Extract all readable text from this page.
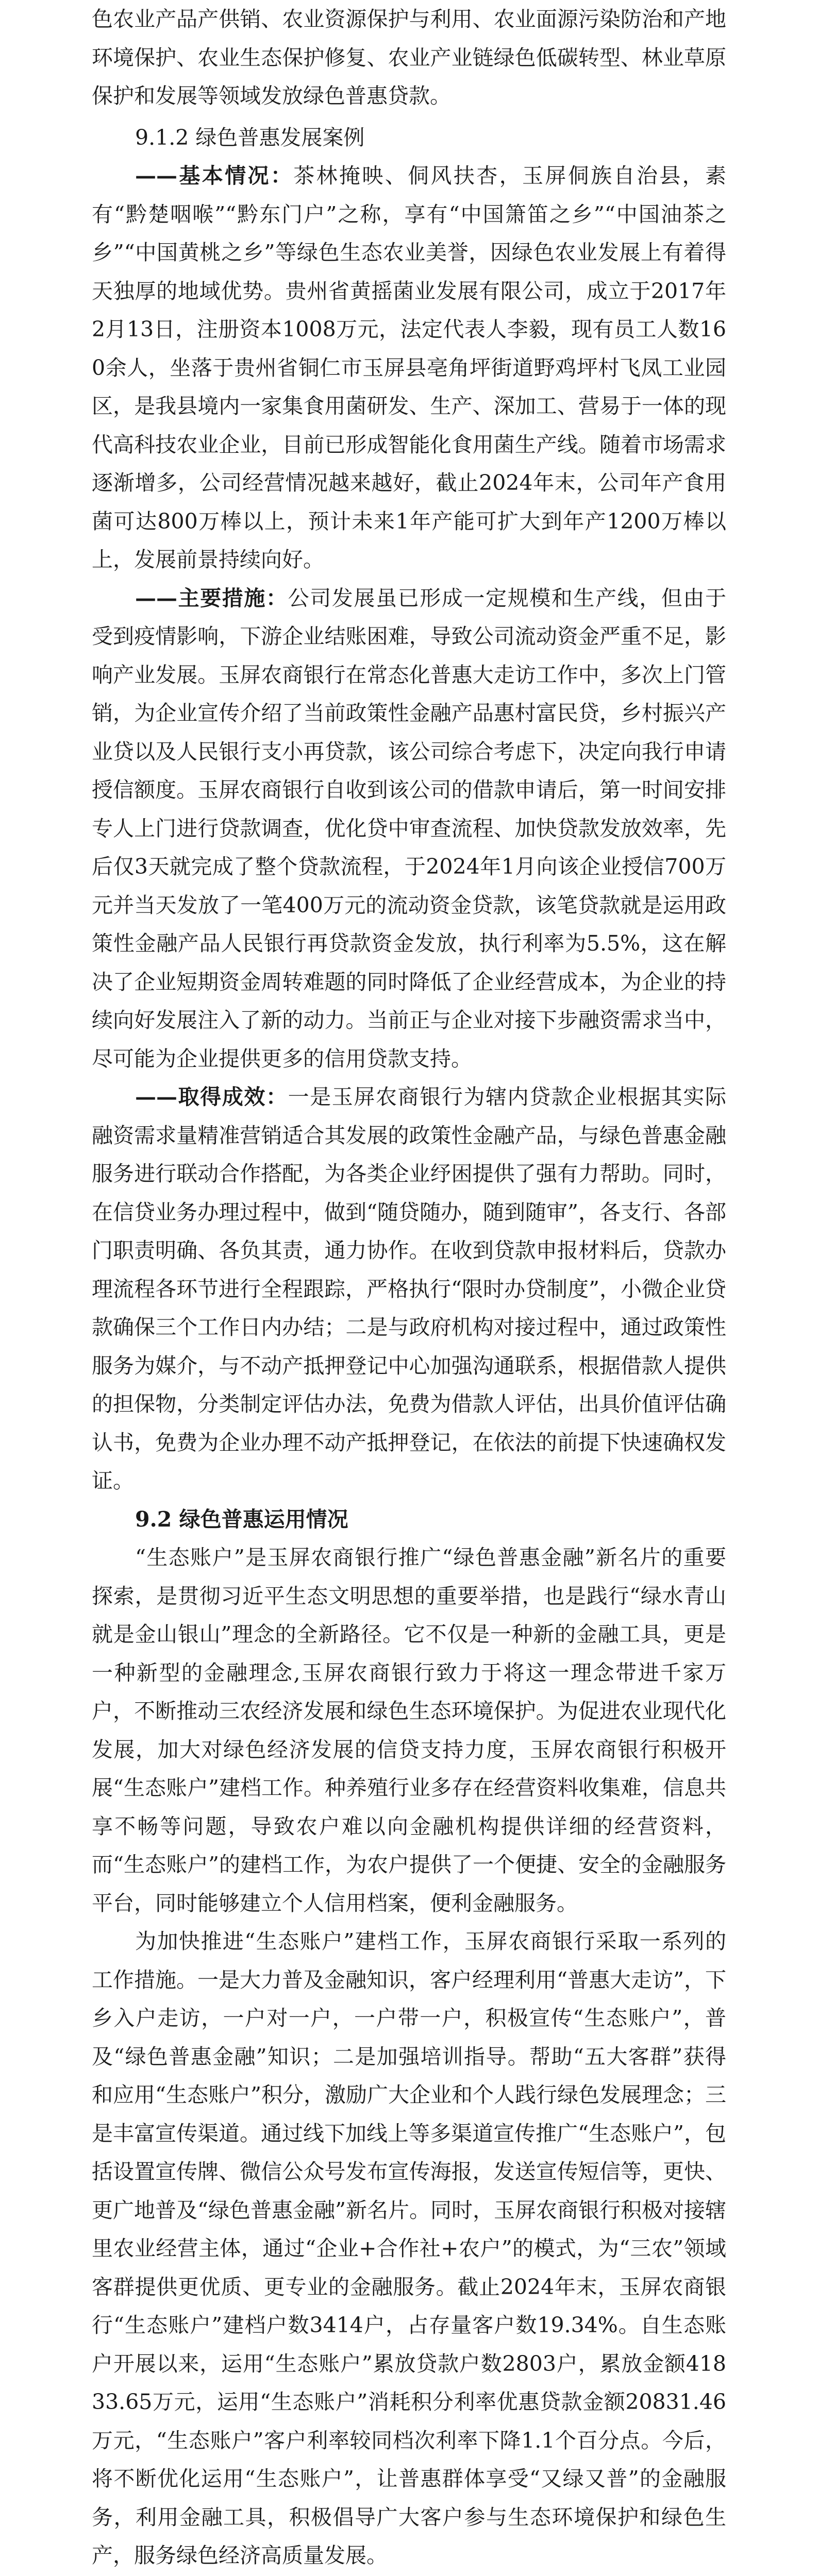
色农业产品产供销、农业资源保护与利用、农业面源污染防治和产地环境保护、农业生态保护修复、农业产业链绿色低碳转型、林业草原保护和发展等领域发放绿色普惠贷款。

9.1.2 绿色普惠发展案例

——基本情况：茶林掩映、侗风扶杏，玉屏侗族自治县，素有“黔楚咽喉”“黔东门户”之称，享有“中国箫笛之乡”“中国油茶之乡”“中国黄桃之乡”等绿色生态农业美誉，因绿色农业发展上有着得天独厚的地域优势。贵州省黄摇菌业发展有限公司，成立于2017年2月13日，注册资本1008万元，法定代表人李毅，现有员工人数160余人，坐落于贵州省铜仁市玉屏县亳角坪街道野鸡坪村飞凤工业园区，是我县境内一家集食用菌研发、生产、深加工、营易于一体的现代高科技农业企业，目前已形成智能化食用菌生产线。随着市场需求逐渐增多，公司经营情况越来越好，截止2024年末，公司年产食用菌可达800万棒以上，预计未来1年产能可扩大到年产1200万棒以上，发展前景持续向好。

——主要措施：公司发展虽已形成一定规模和生产线，但由于受到疫情影响，下游企业结账困难，导致公司流动资金严重不足，影响产业发展。玉屏农商银行在常态化普惠大走访工作中，多次上门管销，为企业宣传介绍了当前政策性金融产品惠村富民贷，乡村振兴产业贷以及人民银行支小再贷款，该公司综合考虑下，决定向我行申请授信额度。玉屏农商银行自收到该公司的借款申请后，第一时间安排专人上门进行贷款调查，优化贷中审查流程、加快贷款发放效率，先后仅3天就完成了整个贷款流程，于2024年1月向该企业授信700万元并当天发放了一笔400万元的流动资金贷款，该笔贷款就是运用政策性金融产品人民银行再贷款资金发放，执行利率为5.5%，这在解决了企业短期资金周转难题的同时降低了企业经营成本，为企业的持续向好发展注入了新的动力。当前正与企业对接下步融资需求当中，尽可能为企业提供更多的信用贷款支持。

——取得成效：一是玉屏农商银行为辖内贷款企业根据其实际融资需求量精准营销适合其发展的政策性金融产品，与绿色普惠金融服务进行联动合作搭配，为各类企业纾困提供了强有力帮助。同时，在信贷业务办理过程中，做到“随贷随办，随到随审”，各支行、各部门职责明确、各负其责，通力协作。在收到贷款申报材料后，贷款办理流程各环节进行全程跟踪，严格执行“限时办贷制度”，小微企业贷款确保三个工作日内办结；二是与政府机构对接过程中，通过政策性服务为媒介，与不动产抵押登记中心加强沟通联系，根据借款人提供的担保物，分类制定评估办法，免费为借款人评估，出具价值评估确认书，免费为企业办理不动产抵押登记，在依法的前提下快速确权发证。

9.2 绿色普惠运用情况

“生态账户”是玉屏农商银行推广“绿色普惠金融”新名片的重要探索，是贯彻习近平生态文明思想的重要举措，也是践行“绿水青山就是金山银山”理念的全新路径。它不仅是一种新的金融工具，更是一种新型的金融理念,玉屏农商银行致力于将这一理念带进千家万户，不断推动三农经济发展和绿色生态环境保护。为促进农业现代化发展，加大对绿色经济发展的信贷支持力度，玉屏农商银行积极开展“生态账户”建档工作。种养殖行业多存在经营资料收集难，信息共享不畅等问题，导致农户难以向金融机构提供详细的经营资料，而“生态账户”的建档工作，为农户提供了一个便捷、安全的金融服务平台，同时能够建立个人信用档案，便利金融服务。

为加快推进“生态账户”建档工作，玉屏农商银行采取一系列的工作措施。一是大力普及金融知识，客户经理利用“普惠大走访”，下乡入户走访，一户对一户，一户带一户，积极宣传“生态账户”，普及“绿色普惠金融”知识；二是加强培训指导。帮助“五大客群”获得和应用“生态账户”积分，激励广大企业和个人践行绿色发展理念；三是丰富宣传渠道。通过线下加线上等多渠道宣传推广“生态账户”，包括设置宣传牌、微信公众号发布宣传海报，发送宣传短信等，更快、更广地普及“绿色普惠金融”新名片。同时，玉屏农商银行积极对接辖里农业经营主体，通过“企业+合作社+农户”的模式，为“三农”领域客群提供更优质、更专业的金融服务。截止2024年末，玉屏农商银行“生态账户”建档户数3414户，占存量客户数19.34%。自生态账户开展以来，运用“生态账户”累放贷款户数2803户，累放金额41833.65万元，运用“生态账户”消耗积分利率优惠贷款金额20831.46万元，“生态账户”客户利率较同档次利率下降1.1个百分点。今后，将不断优化运用“生态账户”，让普惠群体享受“又绿又普”的金融服务，利用金融工具，积极倡导广大客户参与生态环境保护和绿色生产，服务绿色经济高质量发展。
